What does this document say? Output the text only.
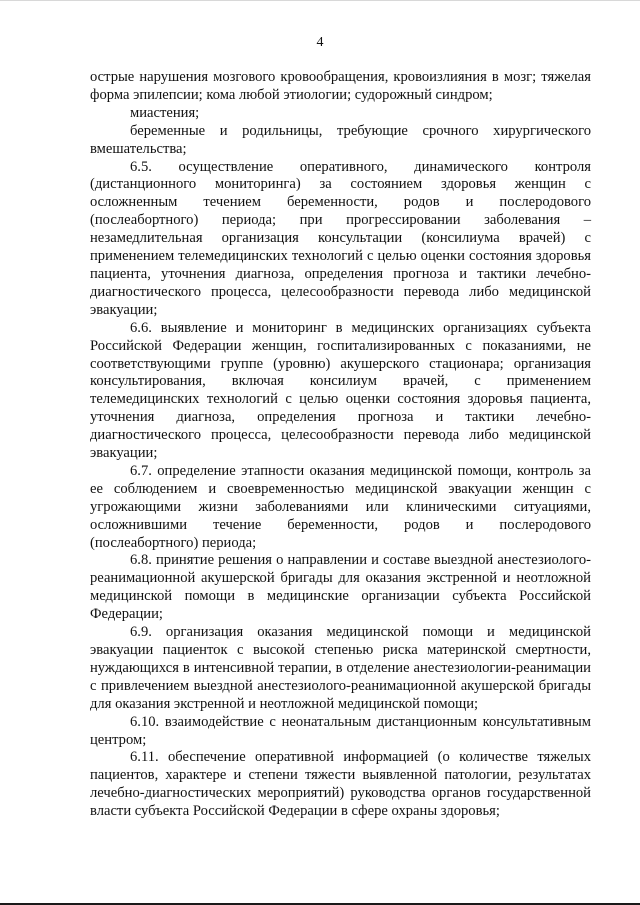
4

острые нарушения мозгового кровообращения, кровоизлияния в мозг; тяжелая форма эпилепсии; кома любой этиологии; судорожный синдром;

миастения;

беременные и родильницы, требующие срочного хирургического вмешательства;

6.5. осуществление оперативного, динамического контроля (дистанционного мониторинга) за состоянием здоровья женщин с осложненным течением беременности, родов и послеродового (послеабортного) периода; при прогрессировании заболевания – незамедлительная организация консультации (консилиума врачей) с применением телемедицинских технологий с целью оценки состояния здоровья пациента, уточнения диагноза, определения прогноза и тактики лечебно-диагностического процесса, целесообразности перевода либо медицинской эвакуации;

6.6. выявление и мониторинг в медицинских организациях субъекта Российской Федерации женщин, госпитализированных с показаниями, не соответствующими группе (уровню) акушерского стационара; организация консультирования, включая консилиум врачей, с применением телемедицинских технологий с целью оценки состояния здоровья пациента, уточнения диагноза, определения прогноза и тактики лечебно-диагностического процесса, целесообразности перевода либо медицинской эвакуации;

6.7. определение этапности оказания медицинской помощи, контроль за ее соблюдением и своевременностью медицинской эвакуации женщин с угрожающими жизни заболеваниями или клиническими ситуациями, осложнившими течение беременности, родов и послеродового (послеабортного) периода;

6.8. принятие решения о направлении и составе выездной анестезиолого-реанимационной акушерской бригады для оказания экстренной и неотложной медицинской помощи в медицинские организации субъекта Российской Федерации;

6.9. организация оказания медицинской помощи и медицинской эвакуации пациенток с высокой степенью риска материнской смертности, нуждающихся в интенсивной терапии, в отделение анестезиологии-реанимации с привлечением выездной анестезиолого-реанимационной акушерской бригады для оказания экстренной и неотложной медицинской помощи;

6.10. взаимодействие с неонатальным дистанционным консультативным центром;

6.11. обеспечение оперативной информацией (о количестве тяжелых пациентов, характере и степени тяжести выявленной патологии, результатах лечебно-диагностических мероприятий) руководства органов государственной власти субъекта Российской Федерации в сфере охраны здоровья;
